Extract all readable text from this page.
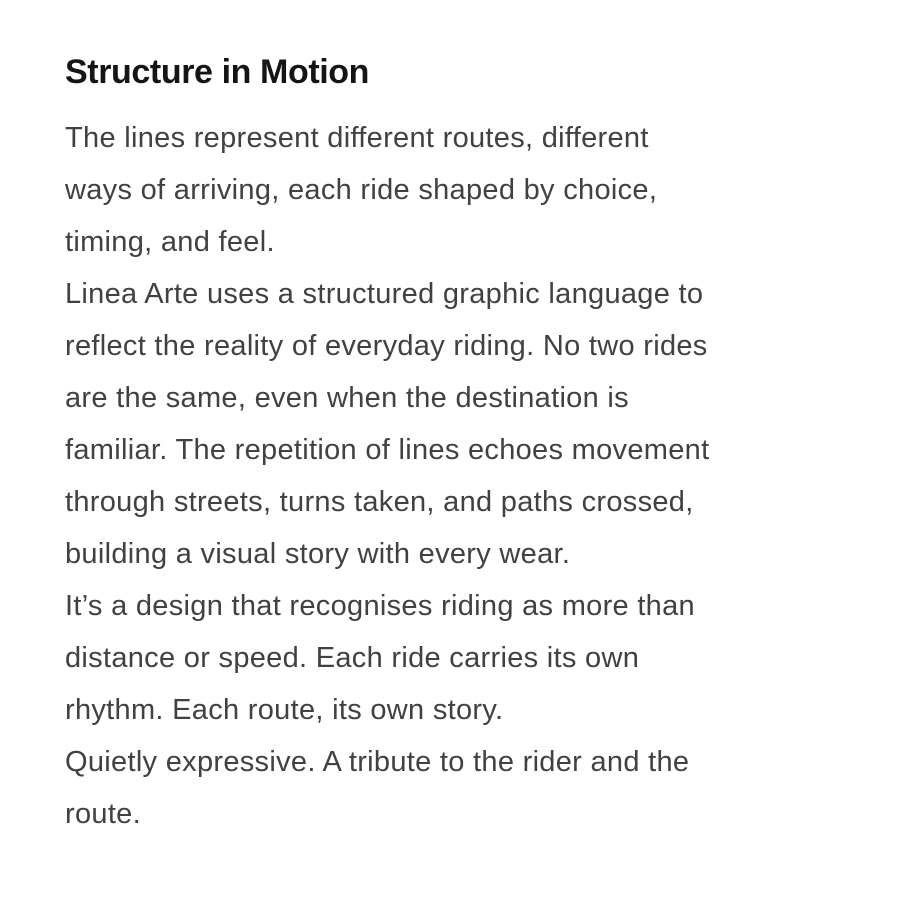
Structure in Motion

The lines represent different routes, different
ways of arriving, each ride shaped by choice,
timing, and feel.

Linea Arte uses a structured graphic language to
reflect the reality of everyday riding. No two rides
are the same, even when the destination is
familiar. The repetition of lines echoes movement
through streets, turns taken, and paths crossed,
building a visual story with every wear.

It’s a design that recognises riding as more than
distance or speed. Each ride carries its own
rhythm. Each route, its own story.

Quietly expressive. A tribute to the rider and the
route.
